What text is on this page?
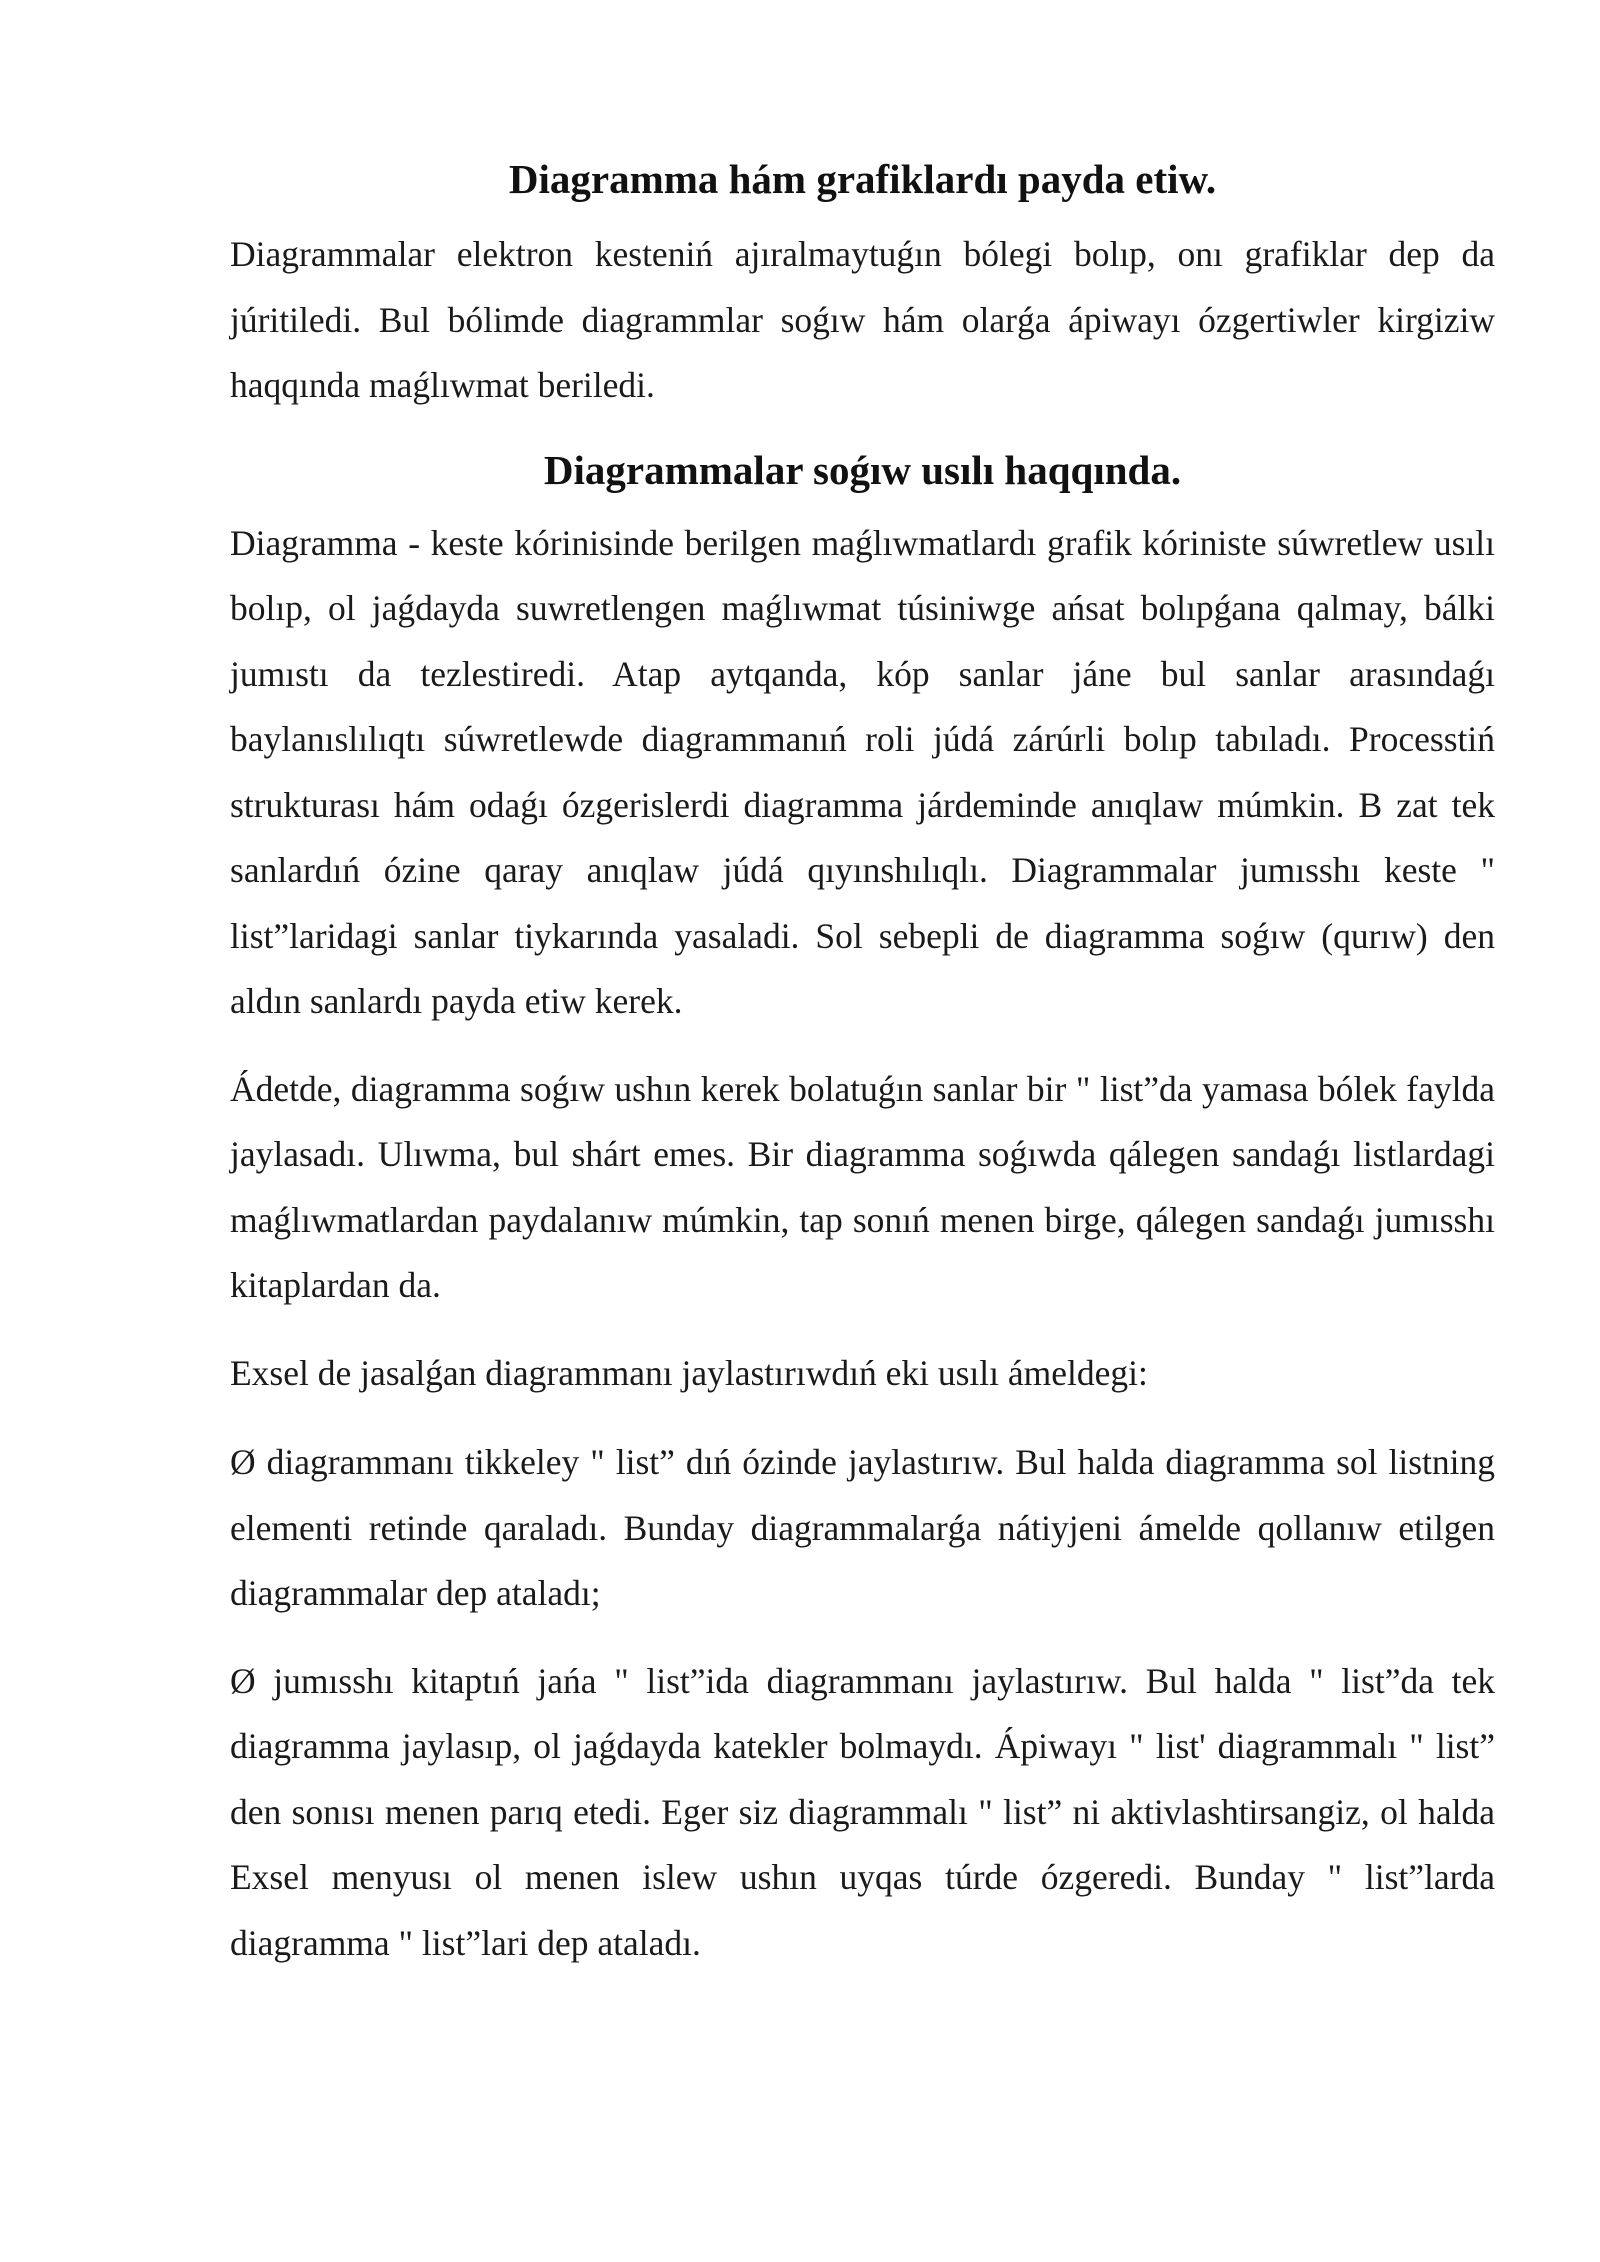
Diagramma hám grafiklardı payda etiw.

Diagrammalar elektron kesteniń ajıralmaytuǵın bólegi bolıp, onı grafiklar dep da júritiledi. Bul bólimde diagrammlar soǵıw hám olarǵa ápiwayı ózgertiwler kirgiziw haqqında maǵlıwmat beriledi.

Diagrammalar soǵıw usılı haqqında.

Diagramma - keste kórinisinde berilgen maǵlıwmatlardı grafik kóriniste súwretlew usılı bolıp, ol jaǵdayda suwretlengen maǵlıwmat túsiniwge ańsat bolıpǵana qalmay, bálki jumıstı da tezlestiredi. Atap aytqanda, kóp sanlar jáne bul sanlar arasındaǵı baylanıslılıqtı súwretlewde diagrammanıń roli júdá zárúrli bolıp tabıladı. Processtiń strukturası hám odaǵı ózgerislerdi diagramma járdeminde anıqlaw múmkin. B zat tek sanlardıń ózine qaray anıqlaw júdá qıyınshılıqlı. Diagrammalar jumısshı keste " list”laridagi sanlar tiykarında yasaladi. Sol sebepli de diagramma soǵıw (qurıw) den aldın sanlardı payda etiw kerek.

Ádetde, diagramma soǵıw ushın kerek bolatuǵın sanlar bir " list”da yamasa bólek faylda jaylasadı. Ulıwma, bul shárt emes. Bir diagramma soǵıwda qálegen sandaǵı listlardagi maǵlıwmatlardan paydalanıw múmkin, tap sonıń menen birge, qálegen sandaǵı jumısshı kitaplardan da.

Exsel de jasalǵan diagrammanı jaylastırıwdıń eki usılı ámeldegi:

Ø diagrammanı tikkeley " list” dıń ózinde jaylastırıw. Bul halda diagramma sol listning elementi retinde qaraladı. Bunday diagrammalarǵa nátiyjeni ámelde qollanıw etilgen diagrammalar dep ataladı;

Ø jumısshı kitaptıń jańa " list”ida diagrammanı jaylastırıw. Bul halda " list”da tek diagramma jaylasıp, ol jaǵdayda katekler bolmaydı. Ápiwayı " list' diagrammalı " list” den sonısı menen parıq etedi. Eger siz diagrammalı " list” ni aktivlashtirsangiz, ol halda Exsel menyusı ol menen islew ushın uyqas túrde ózgeredi. Bunday " list”larda diagramma " list”lari dep ataladı.
